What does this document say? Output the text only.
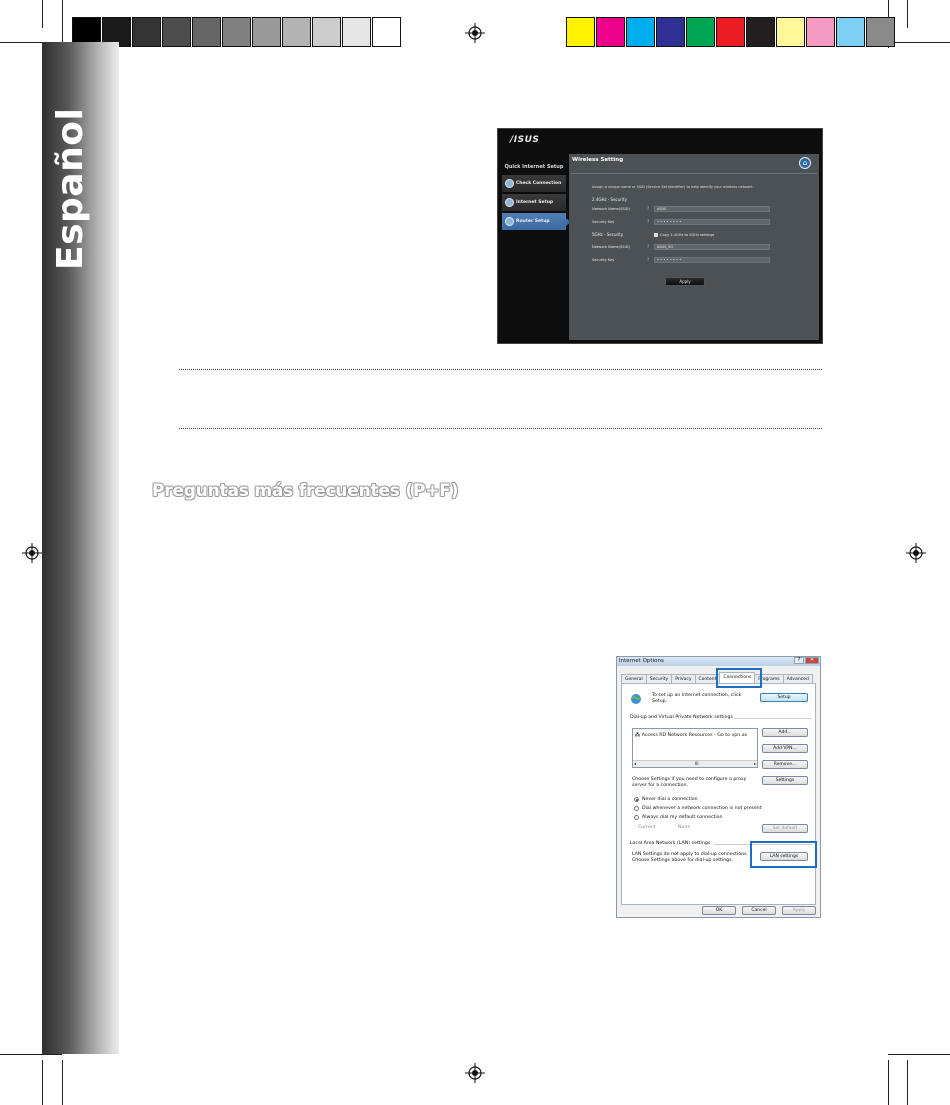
Español	/ISUS
Quick Internet Setup
Check Connection
Internet Setup
Router Setup
Wireless Setting	⌂
Assign a unique name or SSID (Service Set Identifier) to help identify your wireless network.
2.4GHz - Security
Network Name(SSID)	?	ASUS
Security Key	?	• • • • • • • •
5GHz - Security	Copy 2.4GHz to 5GHz settings
Network Name(SSID)	?	ASUS_5G
Security Key	?	• • • • • • • •
Apply
Preguntas más frecuentes (P+F)
Internet Options	?	✕
General	Security	Privacy	Content	Connections	Programs	Advanced
To set up an Internet connection, click
Setup.
Setup
Dial-up and Virtual Private Network settings
🖧 Access RD Network Resources - Go to vpn.as
◂	III	▸
Add...
Add VPN...
Remove...
Choose Settings if you need to configure a proxy
server for a connection.
Settings
Never dial a connection
Dial whenever a network connection is not present
Always dial my default connection
Current	None	Set default
Local Area Network (LAN) settings
LAN Settings do not apply to dial-up connections.
Choose Settings above for dial-up settings.
LAN settings
OK	Cancel	Apply
